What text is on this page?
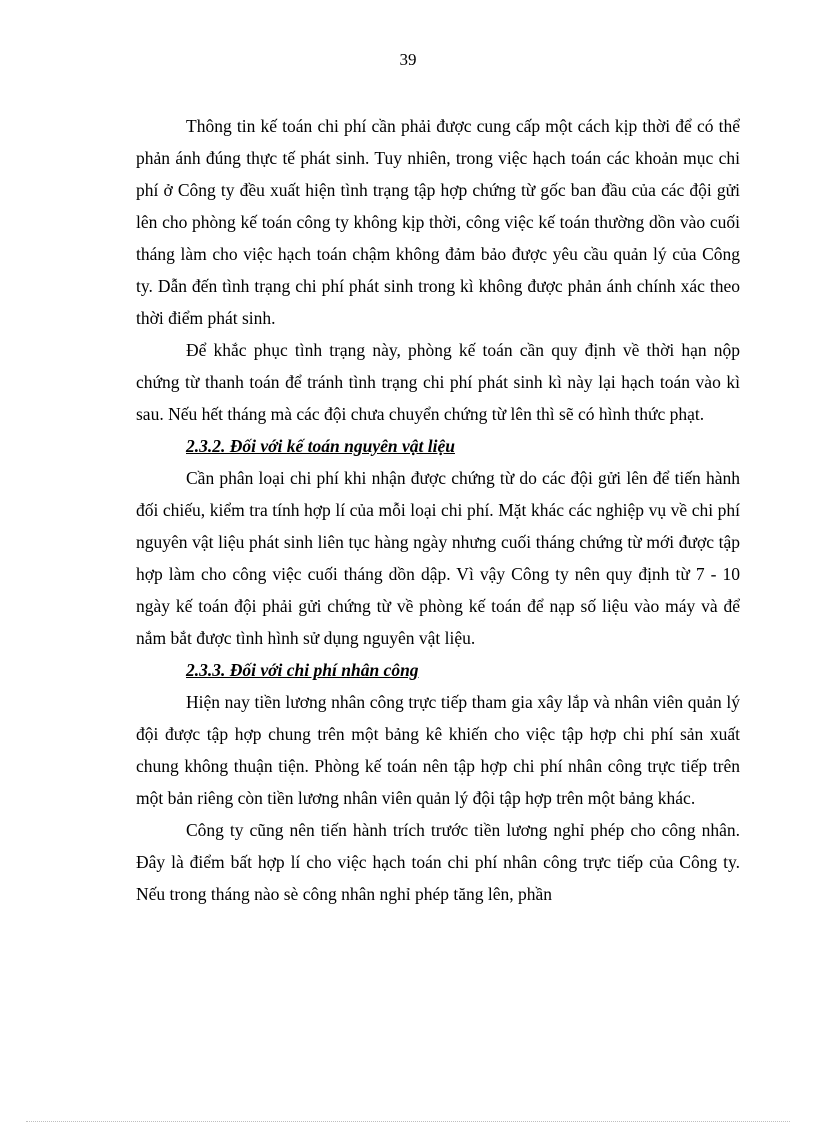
39

Thông tin kế toán chi phí cần phải được cung cấp một cách kịp thời để có thể phản ánh đúng thực tế phát sinh. Tuy nhiên, trong việc hạch toán các khoản mục chi phí ở Công ty đều xuất hiện tình trạng tập hợp chứng từ gốc ban đầu của các đội gửi lên cho phòng kế toán công ty không kịp thời, công việc kế toán thường dồn vào cuối tháng làm cho việc hạch toán chậm không đảm bảo được yêu cầu quản lý của Công ty. Dẫn đến tình trạng chi phí phát sinh trong kì không được phản ánh chính xác theo thời điểm phát sinh.

Để khắc phục tình trạng này, phòng kế toán cần quy định về thời hạn nộp chứng từ thanh toán để tránh tình trạng chi phí phát sinh kì này lại hạch toán vào kì sau. Nếu hết tháng mà các đội chưa chuyển chứng từ lên thì sẽ có hình thức phạt.

2.3.2. Đối với kế toán nguyên vật liệu

Cần phân loại chi phí khi nhận được chứng từ do các đội gửi lên để tiến hành đối chiếu, kiểm tra tính hợp lí của mỗi loại chi phí. Mặt khác các nghiệp vụ về chi phí nguyên vật liệu phát sinh liên tục hàng ngày nhưng cuối tháng chứng từ mới được tập hợp làm cho công việc cuối tháng dồn dập. Vì vậy Công ty nên quy định từ 7 - 10 ngày kế toán đội phải gửi chứng từ về phòng kế toán để nạp số liệu vào máy và để nắm bắt được tình hình sử dụng nguyên vật liệu.

2.3.3. Đối với chi phí nhân công

Hiện nay tiền lương nhân công trực tiếp tham gia xây lắp và nhân viên quản lý đội được tập hợp chung trên một bảng kê khiến cho việc tập hợp chi phí sản xuất chung không thuận tiện. Phòng kế toán nên tập hợp chi phí nhân công trực tiếp trên một bản riêng còn tiền lương nhân viên quản lý đội tập hợp trên một bảng khác.

Công ty cũng nên tiến hành trích trước tiền lương nghỉ phép cho công nhân. Đây là điểm bất hợp lí cho việc hạch toán chi phí nhân công trực tiếp của Công ty. Nếu trong tháng nào sè công nhân nghỉ phép tăng lên, phần
